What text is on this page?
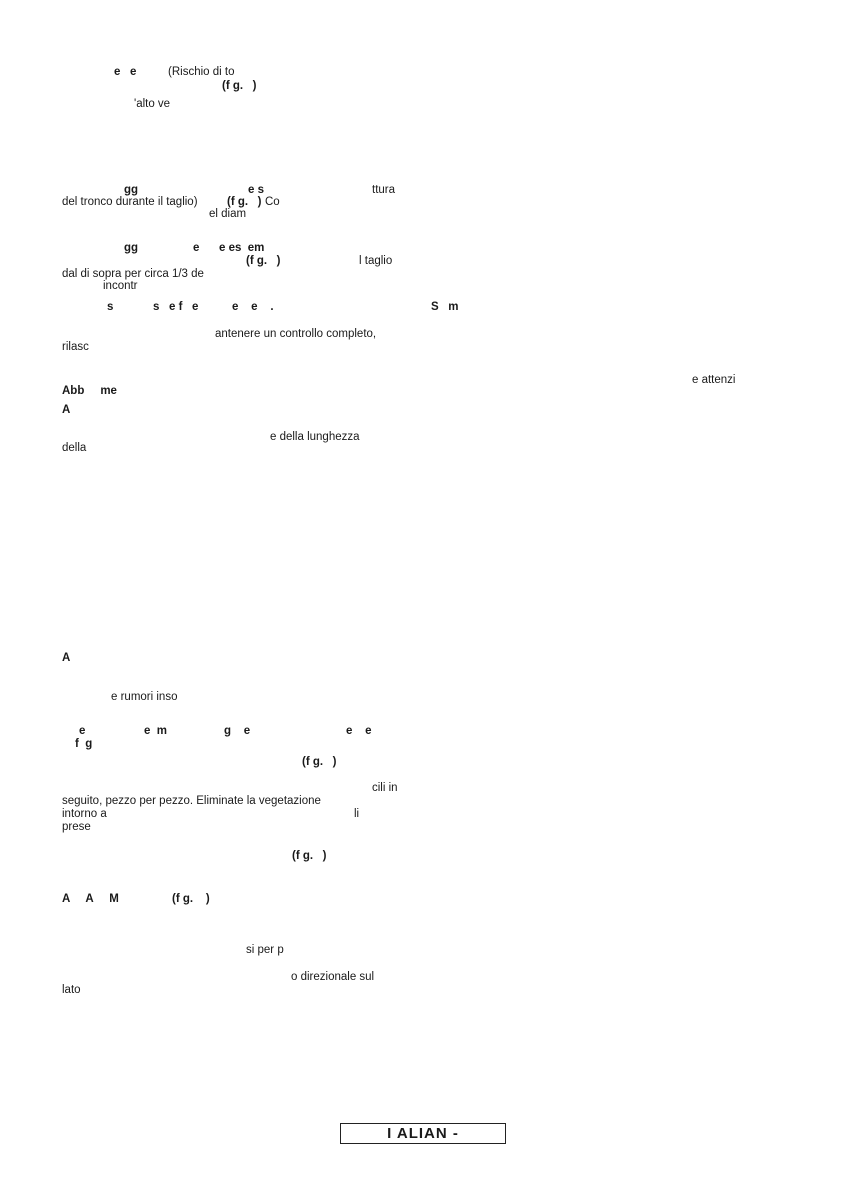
e   e	(Rischio di to
(f g.   )
'alto ve
gg	e s	ttura
del tronco durante il taglio)	(f g.   ) Co
el diam
gg	e e es  em
(f g.   )	l taglio
dal di sopra per circa 1/3 de
incontr
s	s   e f   e	e    e    .	S   m
antenere un controllo completo,
rilasc
e attenzi
Abb     me
A
e della lunghezza
della
A
e rumori inso
e	e  m	g    e	e    e
f  g
(f g.   )
cili in
seguito, pezzo per pezzo. Eliminate la vegetazione
intorno a	li
prese
(f g.   )
A     A     M	(f g.    )
si per p
o direzionale sul
lato
I ALIAN -
